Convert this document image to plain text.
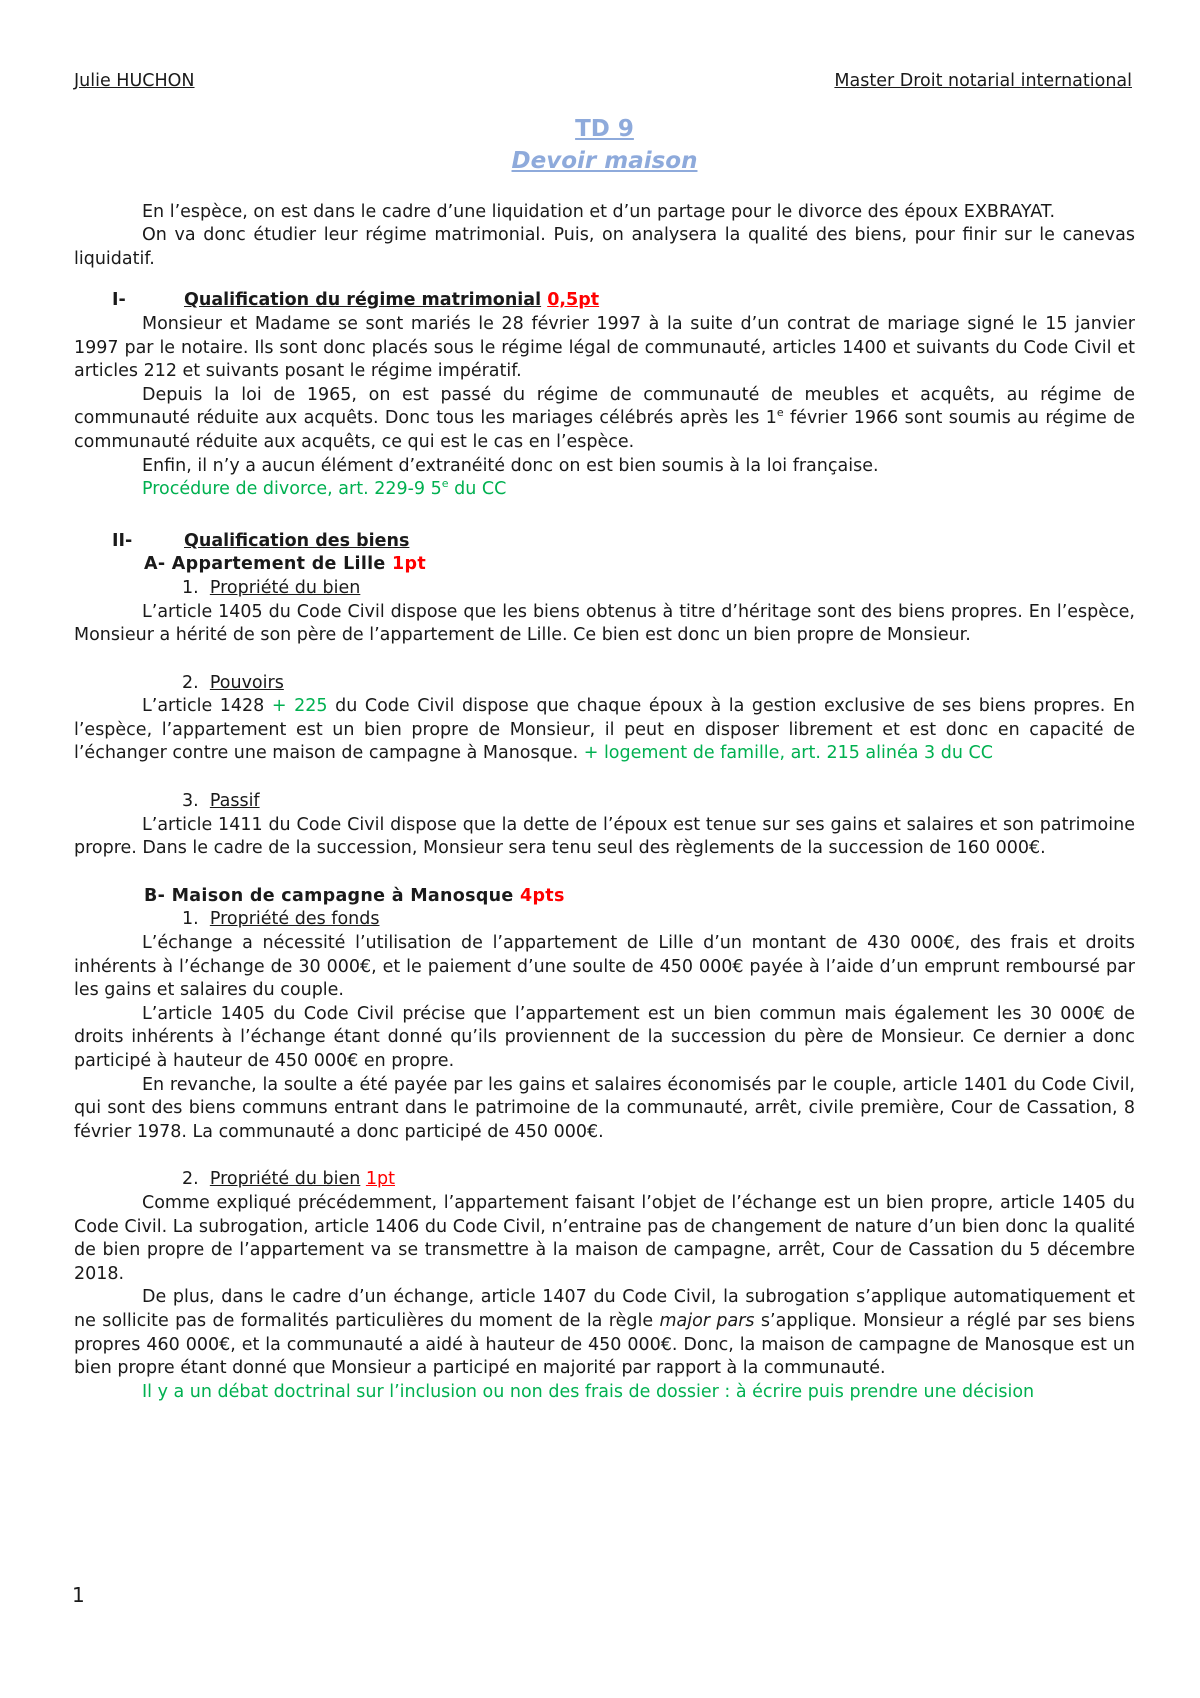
Julie HUCHON	Master Droit notarial international
TD 9
Devoir maison

En l’espèce, on est dans le cadre d’une liquidation et d’un partage pour le divorce des époux EXBRAYAT.

On va donc étudier leur régime matrimonial. Puis, on analysera la qualité des biens, pour finir sur le canevas liquidatif.

I-	Qualification du régime matrimonial 0,5pt

Monsieur et Madame se sont mariés le 28 février 1997 à la suite d’un contrat de mariage signé le 15 janvier 1997 par le notaire. Ils sont donc placés sous le régime légal de communauté, articles 1400 et suivants du Code Civil et articles 212 et suivants posant le régime impératif.

Depuis la loi de 1965, on est passé du régime de communauté de meubles et acquêts, au régime de communauté réduite aux acquêts. Donc tous les mariages célébrés après les 1e février 1966 sont soumis au régime de communauté réduite aux acquêts, ce qui est le cas en l’espèce.

Enfin, il n’y a aucun élément d’extranéité donc on est bien soumis à la loi française.

Procédure de divorce, art. 229-9 5e du CC

II-	Qualification des biens
A- Appartement de Lille 1pt
1. Propriété du bien

L’article 1405 du Code Civil dispose que les biens obtenus à titre d’héritage sont des biens propres. En l’espèce, Monsieur a hérité de son père de l’appartement de Lille. Ce bien est donc un bien propre de Monsieur.

2. Pouvoirs

L’article 1428 + 225 du Code Civil dispose que chaque époux à la gestion exclusive de ses biens propres. En l’espèce, l’appartement est un bien propre de Monsieur, il peut en disposer librement et est donc en capacité de l’échanger contre une maison de campagne à Manosque. + logement de famille, art. 215 alinéa 3 du CC

3. Passif

L’article 1411 du Code Civil dispose que la dette de l’époux est tenue sur ses gains et salaires et son patrimoine propre. Dans le cadre de la succession, Monsieur sera tenu seul des règlements de la succession de 160 000€.

B- Maison de campagne à Manosque 4pts
1. Propriété des fonds

L’échange a nécessité l’utilisation de l’appartement de Lille d’un montant de 430 000€, des frais et droits inhérents à l’échange de 30 000€, et le paiement d’une soulte de 450 000€ payée à l’aide d’un emprunt remboursé par les gains et salaires du couple.

L’article 1405 du Code Civil précise que l’appartement est un bien commun mais également les 30 000€ de droits inhérents à l’échange étant donné qu’ils proviennent de la succession du père de Monsieur. Ce dernier a donc participé à hauteur de 450 000€ en propre.

En revanche, la soulte a été payée par les gains et salaires économisés par le couple, article 1401 du Code Civil, qui sont des biens communs entrant dans le patrimoine de la communauté, arrêt, civile première, Cour de Cassation, 8 février 1978. La communauté a donc participé de 450 000€.

2. Propriété du bien 1pt

Comme expliqué précédemment, l’appartement faisant l’objet de l’échange est un bien propre, article 1405 du Code Civil. La subrogation, article 1406 du Code Civil, n’entraine pas de changement de nature d’un bien donc la qualité de bien propre de l’appartement va se transmettre à la maison de campagne, arrêt, Cour de Cassation du 5 décembre 2018.

De plus, dans le cadre d’un échange, article 1407 du Code Civil, la subrogation s’applique automatiquement et ne sollicite pas de formalités particulières du moment de la règle major pars s’applique. Monsieur a réglé par ses biens propres 460 000€, et la communauté a aidé à hauteur de 450 000€. Donc, la maison de campagne de Manosque est un bien propre étant donné que Monsieur a participé en majorité par rapport à la communauté.

Il y a un débat doctrinal sur l’inclusion ou non des frais de dossier : à écrire puis prendre une décision

1
